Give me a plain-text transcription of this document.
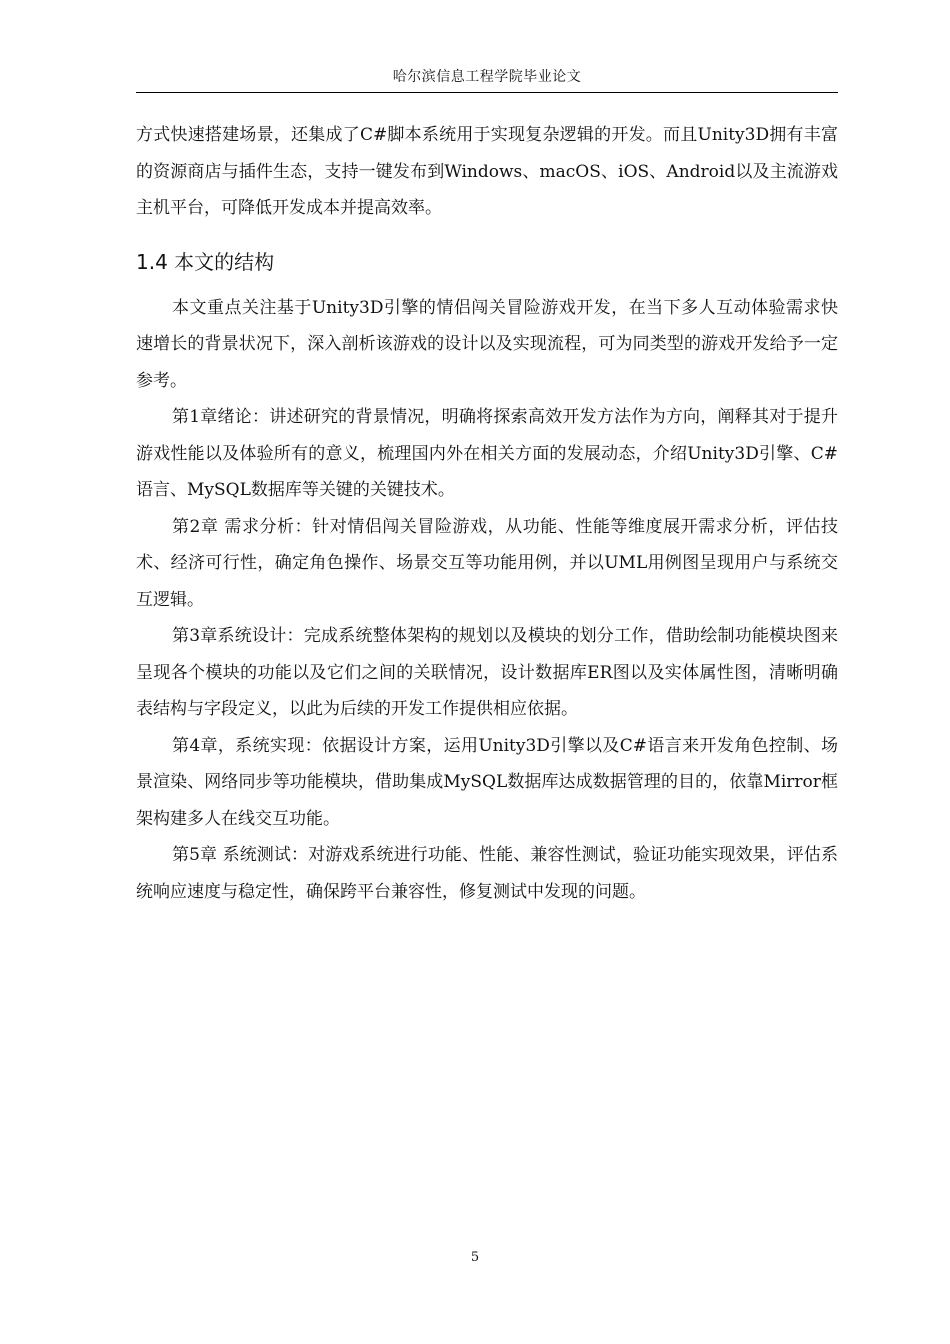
哈尔滨信息工程学院毕业论文

方式快速搭建场景，还集成了C#脚本系统用于实现复杂逻辑的开发。而且Unity3D拥有丰富的资源商店与插件生态，支持一键发布到Windows、macOS、iOS、Android以及主流游戏主机平台，可降低开发成本并提高效率。

1.4 本文的结构

本文重点关注基于Unity3D引擎的情侣闯关冒险游戏开发，在当下多人互动体验需求快速增长的背景状况下，深入剖析该游戏的设计以及实现流程，可为同类型的游戏开发给予一定参考。

第1章绪论：讲述研究的背景情况，明确将探索高效开发方法作为方向，阐释其对于提升游戏性能以及体验所有的意义，梳理国内外在相关方面的发展动态，介绍Unity3D引擎、C#语言、MySQL数据库等关键的关键技术。

第2章 需求分析：针对情侣闯关冒险游戏，从功能、性能等维度展开需求分析，评估技术、经济可行性，确定角色操作、场景交互等功能用例，并以UML用例图呈现用户与系统交互逻辑。

第3章系统设计：完成系统整体架构的规划以及模块的划分工作，借助绘制功能模块图来呈现各个模块的功能以及它们之间的关联情况，设计数据库ER图以及实体属性图，清晰明确表结构与字段定义，以此为后续的开发工作提供相应依据。

第4章，系统实现：依据设计方案，运用Unity3D引擎以及C#语言来开发角色控制、场景渲染、网络同步等功能模块，借助集成MySQL数据库达成数据管理的目的，依靠Mirror框架构建多人在线交互功能。

第5章 系统测试：对游戏系统进行功能、性能、兼容性测试，验证功能实现效果，评估系统响应速度与稳定性，确保跨平台兼容性，修复测试中发现的问题。

5
